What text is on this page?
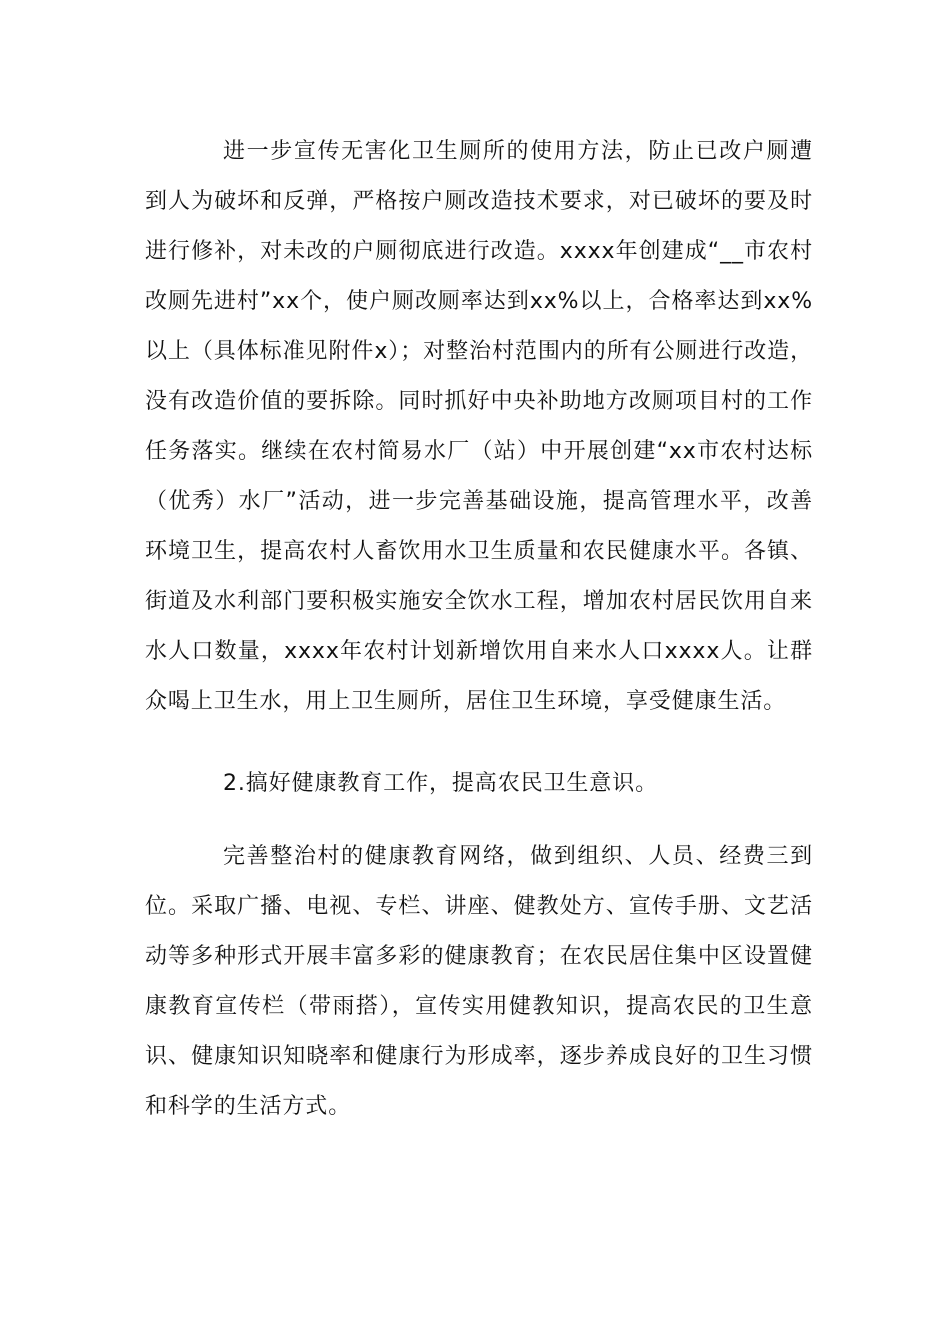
进一步宣传无害化卫生厕所的使用方法，防止已改户厕遭到人为破坏和反弹，严格按户厕改造技术要求，对已破坏的要及时进行修补，对未改的户厕彻底进行改造。xxxx年创建成“__市农村改厕先进村”xx个，使户厕改厕率达到xx%以上，合格率达到xx%以上（具体标准见附件x）；对整治村范围内的所有公厕进行改造，没有改造价值的要拆除。同时抓好中央补助地方改厕项目村的工作任务落实。继续在农村简易水厂（站）中开展创建“xx市农村达标（优秀）水厂”活动，进一步完善基础设施，提高管理水平，改善环境卫生，提高农村人畜饮用水卫生质量和农民健康水平。各镇、街道及水利部门要积极实施安全饮水工程，增加农村居民饮用自来水人口数量，xxxx年农村计划新增饮用自来水人口xxxx人。让群众喝上卫生水，用上卫生厕所，居住卫生环境，享受健康生活。

2.搞好健康教育工作，提高农民卫生意识。

完善整治村的健康教育网络，做到组织、人员、经费三到位。采取广播、电视、专栏、讲座、健教处方、宣传手册、文艺活动等多种形式开展丰富多彩的健康教育；在农民居住集中区设置健康教育宣传栏（带雨搭），宣传实用健教知识，提高农民的卫生意识、健康知识知晓率和健康行为形成率，逐步养成良好的卫生习惯和科学的生活方式。
